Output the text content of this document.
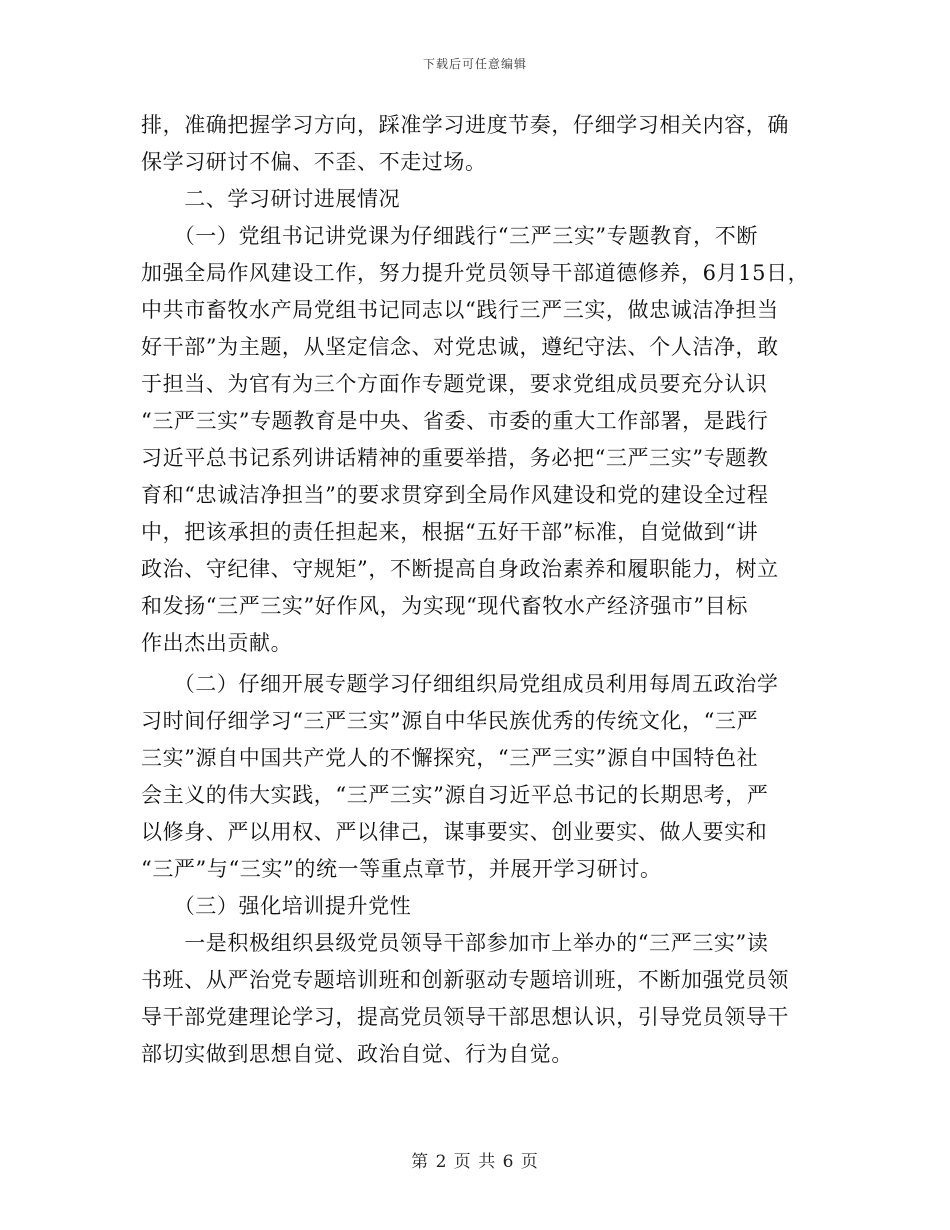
下载后可任意编辑
排，准确把握学习方向，踩准学习进度节奏，仔细学习相关内容，确
保学习研讨不偏、不歪、不走过场。
　　二、学习研讨进展情况
　　（一）党组书记讲党课为仔细践行“三严三实”专题教育，不断
加强全局作风建设工作，努力提升党员领导干部道德修养，6月15日，
中共市畜牧水产局党组书记同志以“践行三严三实，做忠诚洁净担当
好干部”为主题，从坚定信念、对党忠诚，遵纪守法、个人洁净，敢
于担当、为官有为三个方面作专题党课，要求党组成员要充分认识
“三严三实”专题教育是中央、省委、市委的重大工作部署，是践行
习近平总书记系列讲话精神的重要举措，务必把“三严三实”专题教
育和“忠诚洁净担当”的要求贯穿到全局作风建设和党的建设全过程
中，把该承担的责任担起来，根据“五好干部”标准，自觉做到“讲
政治、守纪律、守规矩”，不断提高自身政治素养和履职能力，树立
和发扬“三严三实”好作风，为实现“现代畜牧水产经济强市”目标
作出杰出贡献。
　　（二）仔细开展专题学习仔细组织局党组成员利用每周五政治学
习时间仔细学习“三严三实”源自中华民族优秀的传统文化，“三严
三实”源自中国共产党人的不懈探究，“三严三实”源自中国特色社
会主义的伟大实践，“三严三实”源自习近平总书记的长期思考，严
以修身、严以用权、严以律己，谋事要实、创业要实、做人要实和
“三严”与“三实”的统一等重点章节，并展开学习研讨。
　　（三）强化培训提升党性
　　一是积极组织县级党员领导干部参加市上举办的“三严三实”读
书班、从严治党专题培训班和创新驱动专题培训班，不断加强党员领
导干部党建理论学习，提高党员领导干部思想认识，引导党员领导干
部切实做到思想自觉、政治自觉、行为自觉。
第 2 页 共 6 页
